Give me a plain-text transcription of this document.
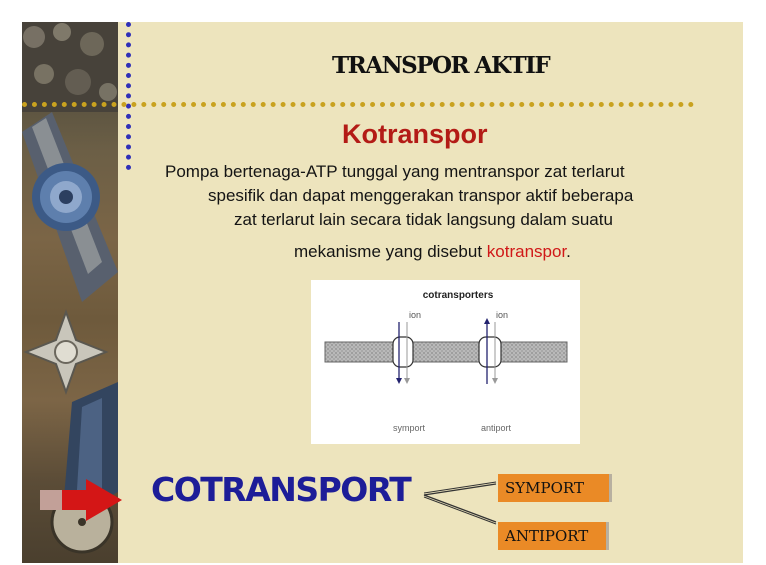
TRANSPOR AKTIF
Kotranspor

Pompa bertenaga-ATP tunggal yang mentranspor zat terlarut

spesifik dan dapat menggerakan transpor aktif beberapa

zat terlarut lain secara tidak langsung dalam suatu

mekanisme yang disebut kotranspor.

cotransporters
ion	ion
symport	antiport
COTRANSPORT	SYMPORT
ANTIPORT
